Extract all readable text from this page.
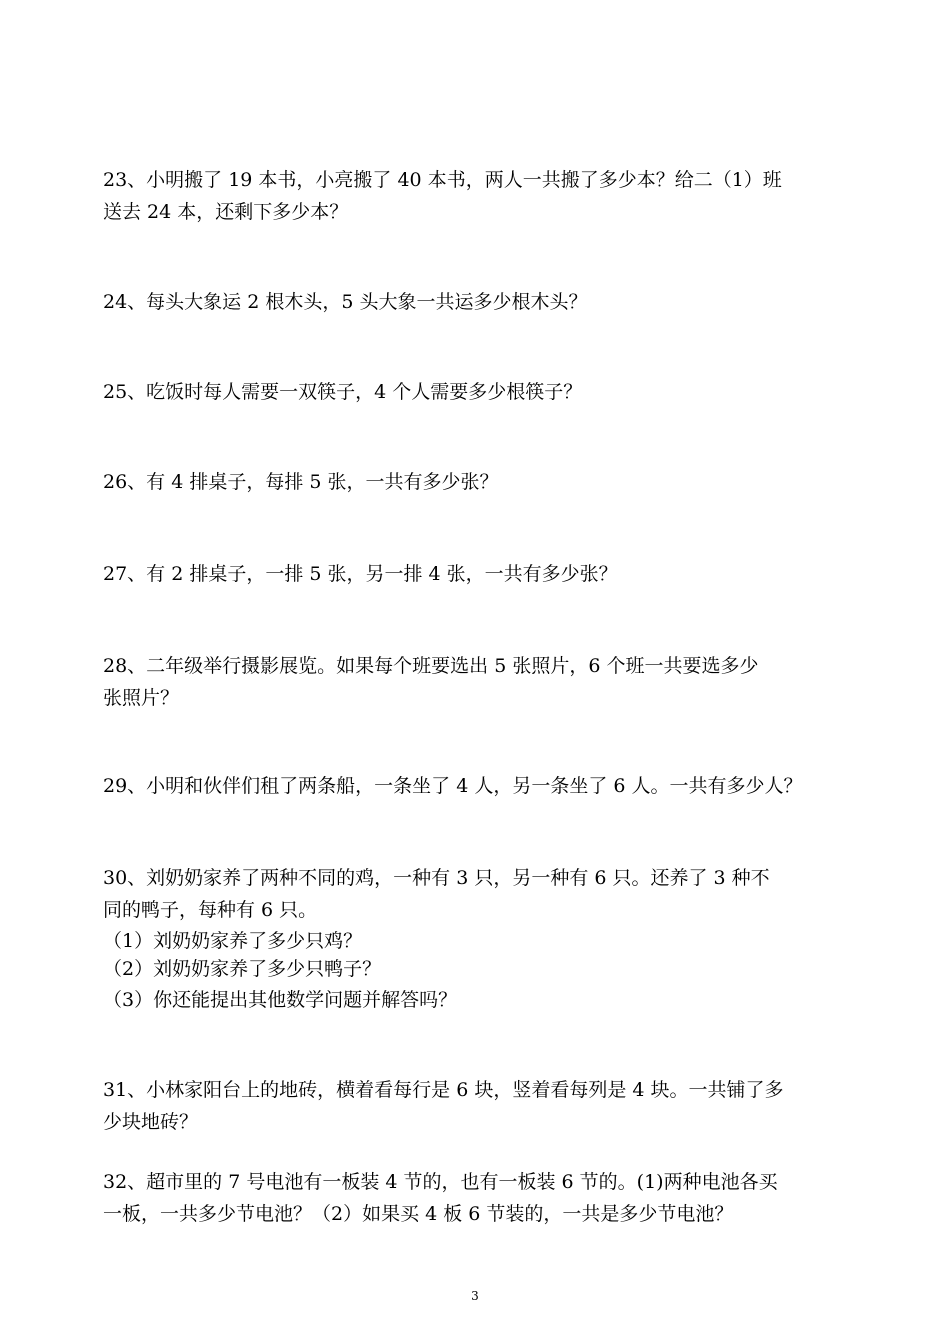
23、小明搬了 19 本书，小亮搬了 40 本书，两人一共搬了多少本？给二（1）班
送去 24 本，还剩下多少本？
24、每头大象运 2 根木头，5 头大象一共运多少根木头？
25、吃饭时每人需要一双筷子，4 个人需要多少根筷子？
26、有 4 排桌子，每排 5 张，一共有多少张？
27、有 2 排桌子，一排 5 张，另一排 4 张，一共有多少张？
28、二年级举行摄影展览。如果每个班要选出 5 张照片，6 个班一共要选多少
张照片？
29、小明和伙伴们租了两条船，一条坐了 4 人，另一条坐了 6 人。一共有多少人？
30、刘奶奶家养了两种不同的鸡，一种有 3 只，另一种有 6 只。还养了 3 种不
同的鸭子，每种有 6 只。
（1）刘奶奶家养了多少只鸡？
（2）刘奶奶家养了多少只鸭子？
（3）你还能提出其他数学问题并解答吗？
31、小林家阳台上的地砖，横着看每行是 6 块，竖着看每列是 4 块。一共铺了多
少块地砖？
32、超市里的 7 号电池有一板装 4 节的，也有一板装 6 节的。(1)两种电池各买
一板，一共多少节电池？（2）如果买 4 板 6 节装的，一共是多少节电池？
3
